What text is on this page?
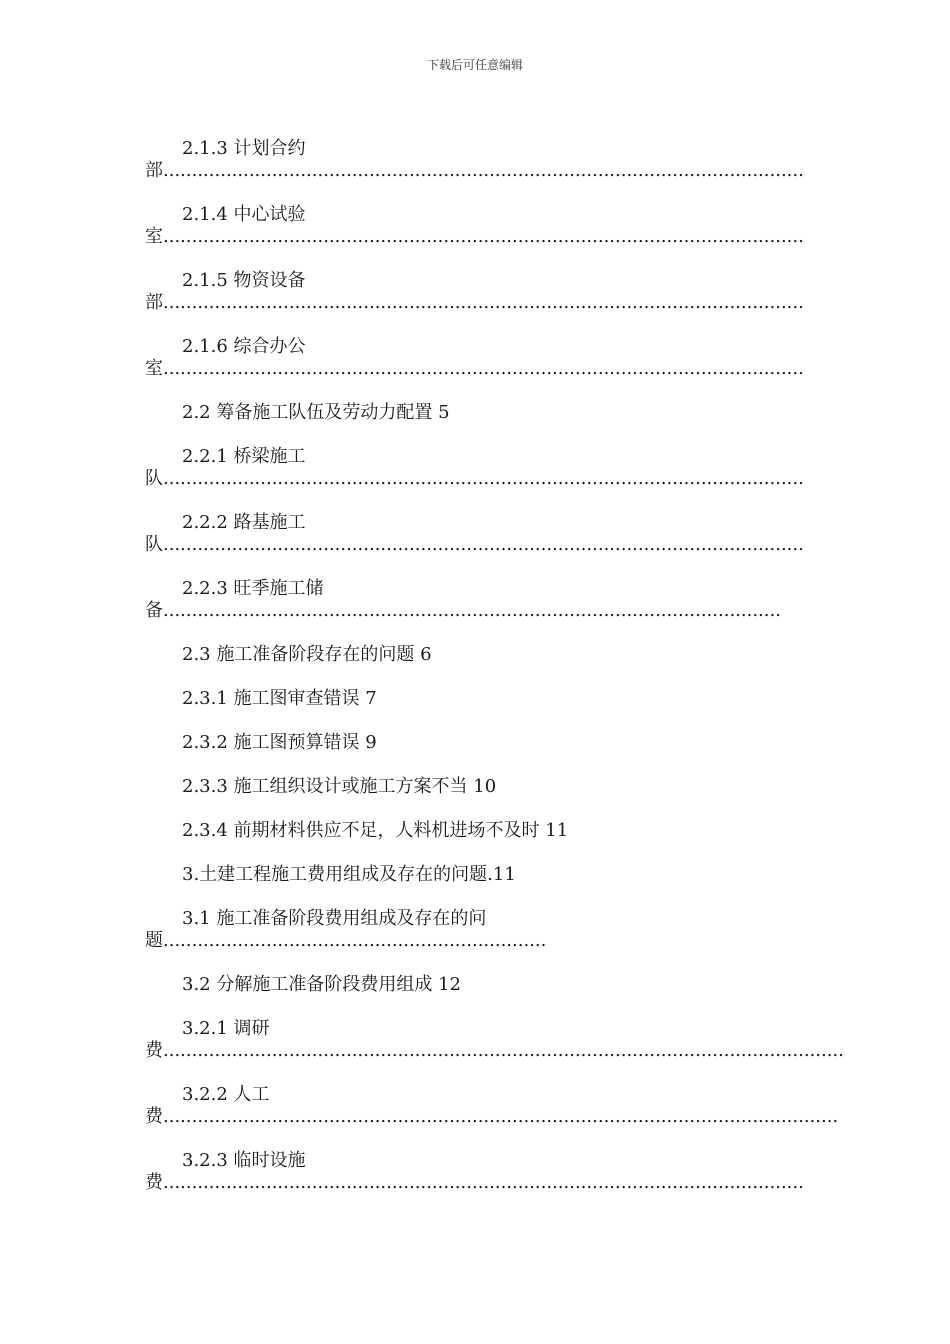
下载后可任意编辑
2.1.3 计划合约
部................................................................................................................
2.1.4 中心试验
室................................................................................................................
2.1.5 物资设备
部................................................................................................................
2.1.6 综合办公
室................................................................................................................
2.2 筹备施工队伍及劳动力配置 5
2.2.1 桥梁施工
队................................................................................................................
2.2.2 路基施工
队................................................................................................................
2.2.3 旺季施工储
备............................................................................................................
2.3 施工准备阶段存在的问题 6
2.3.1 施工图审查错误 7
2.3.2 施工图预算错误 9
2.3.3 施工组织设计或施工方案不当 10
2.3.4 前期材料供应不足，人料机进场不及时 11
3.土建工程施工费用组成及存在的问题.11
3.1 施工准备阶段费用组成及存在的问
题...................................................................
3.2 分解施工准备阶段费用组成 12
3.2.1 调研
费.......................................................................................................................
3.2.2 人工
费......................................................................................................................
3.2.3 临时设施
费................................................................................................................
